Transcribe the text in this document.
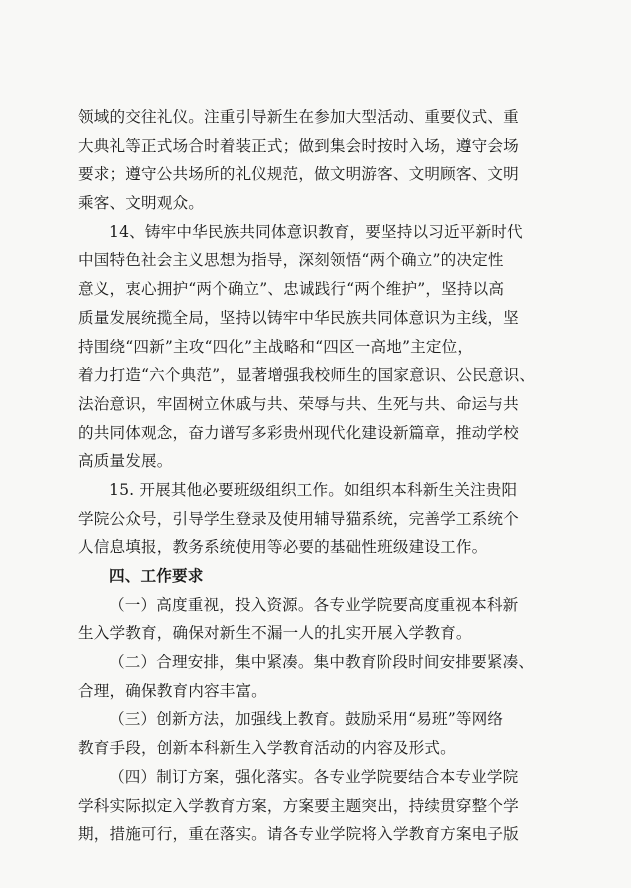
领域的交往礼仪。注重引导新生在参加大型活动、重要仪式、重
大典礼等正式场合时着装正式；做到集会时按时入场，遵守会场
要求；遵守公共场所的礼仪规范，做文明游客、文明顾客、文明
乘客、文明观众。
14、铸牢中华民族共同体意识教育，要坚持以习近平新时代
中国特色社会主义思想为指导，深刻领悟“两个确立”的决定性
意义，衷心拥护“两个确立”、忠诚践行“两个维护”，坚持以高
质量发展统揽全局，坚持以铸牢中华民族共同体意识为主线，坚
持围绕“四新”主攻“四化”主战略和“四区一高地”主定位，
着力打造“六个典范”，显著增强我校师生的国家意识、公民意识、
法治意识，牢固树立休戚与共、荣辱与共、生死与共、命运与共
的共同体观念，奋力谱写多彩贵州现代化建设新篇章，推动学校
高质量发展。
15. 开展其他必要班级组织工作。如组织本科新生关注贵阳
学院公众号，引导学生登录及使用辅导猫系统，完善学工系统个
人信息填报，教务系统使用等必要的基础性班级建设工作。
四、工作要求
（一）高度重视，投入资源。各专业学院要高度重视本科新
生入学教育，确保对新生不漏一人的扎实开展入学教育。
（二）合理安排，集中紧凑。集中教育阶段时间安排要紧凑、
合理，确保教育内容丰富。
（三）创新方法，加强线上教育。鼓励采用“易班”等网络
教育手段，创新本科新生入学教育活动的内容及形式。
（四）制订方案，强化落实。各专业学院要结合本专业学院
学科实际拟定入学教育方案，方案要主题突出，持续贯穿整个学
期，措施可行，重在落实。请各专业学院将入学教育方案电子版
